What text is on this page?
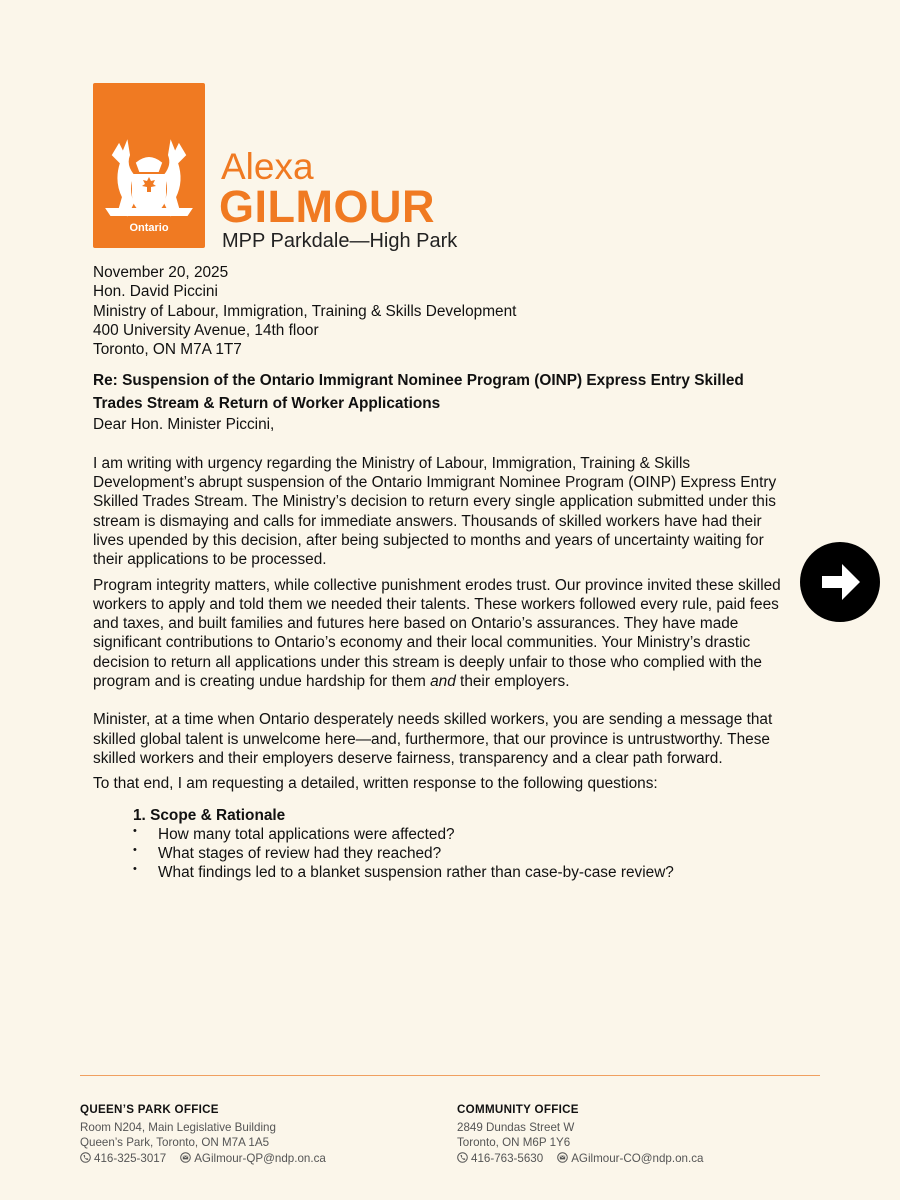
Ontario
Alexa
GILMOUR
MPP Parkdale—High Park

November 20, 2025

Hon. David Piccini

Ministry of Labour, Immigration, Training & Skills Development

400 University Avenue, 14th floor

Toronto, ON M7A 1T7

Re: Suspension of the Ontario Immigrant Nominee Program (OINP) Express Entry Skilled
Trades Stream & Return of Worker Applications

Dear Hon. Minister Piccini,

I am writing with urgency regarding the Ministry of Labour, Immigration, Training & Skills Development’s abrupt suspension of the Ontario Immigrant Nominee Program (OINP) Express Entry Skilled Trades Stream. The Ministry’s decision to return every single application submitted under this stream is dismaying and calls for immediate answers. Thousands of skilled workers have had their lives upended by this decision, after being subjected to months and years of uncertainty waiting for their applications to be processed.

Program integrity matters, while collective punishment erodes trust. Our province invited these skilled workers to apply and told them we needed their talents. These workers followed every rule, paid fees and taxes, and built families and futures here based on Ontario’s assurances. They have made significant contributions to Ontario’s economy and their local communities. Your Ministry’s drastic decision to return all applications under this stream is deeply unfair to those who complied with the program and is creating undue hardship for them and their employers.

Minister, at a time when Ontario desperately needs skilled workers, you are sending a message that skilled global talent is unwelcome here—and, furthermore, that our province is untrustworthy. These skilled workers and their employers deserve fairness, transparency and a clear path forward.

To that end, I am requesting a detailed, written response to the following questions:

1. Scope & Rationale

• How many total applications were affected?
• What stages of review had they reached?
• What findings led to a blanket suspension rather than case-by-case review?
QUEEN’S PARK OFFICE
Room N204, Main Legislative Building
Queen’s Park, Toronto, ON M7A 1A5
416-325-3017 AGilmour-QP@ndp.on.ca
COMMUNITY OFFICE
2849 Dundas Street W
Toronto, ON M6P 1Y6
416-763-5630 AGilmour-CO@ndp.on.ca
